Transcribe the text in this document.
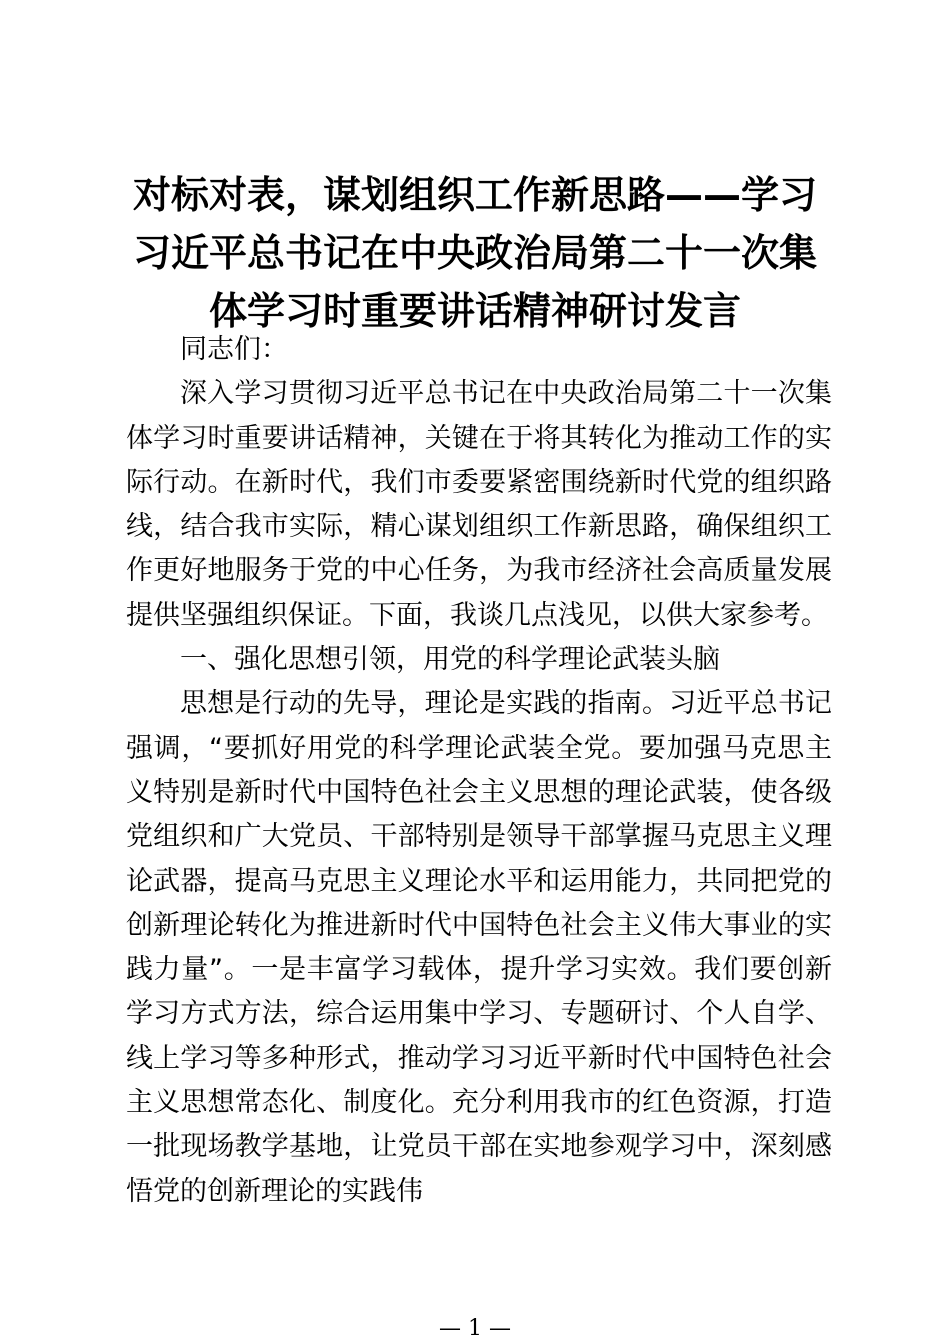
对标对表，谋划组织工作新思路——学习习近平总书记在中央政治局第二十一次集体学习时重要讲话精神研讨发言

同志们：

深入学习贯彻习近平总书记在中央政治局第二十一次集体学习时重要讲话精神，关键在于将其转化为推动工作的实际行动。在新时代，我们市委要紧密围绕新时代党的组织路线，结合我市实际，精心谋划组织工作新思路，确保组织工作更好地服务于党的中心任务，为我市经济社会高质量发展提供坚强组织保证。下面，我谈几点浅见，以供大家参考。

一、强化思想引领，用党的科学理论武装头脑

思想是行动的先导，理论是实践的指南。习近平总书记强调，“要抓好用党的科学理论武装全党。要加强马克思主义特别是新时代中国特色社会主义思想的理论武装，使各级党组织和广大党员、干部特别是领导干部掌握马克思主义理论武器，提高马克思主义理论水平和运用能力，共同把党的创新理论转化为推进新时代中国特色社会主义伟大事业的实践力量”。一是丰富学习载体，提升学习实效。我们要创新学习方式方法，综合运用集中学习、专题研讨、个人自学、线上学习等多种形式，推动学习习近平新时代中国特色社会主义思想常态化、制度化。充分利用我市的红色资源，打造一批现场教学基地，让党员干部在实地参观学习中，深刻感悟党的创新理论的实践伟

— 1 —
